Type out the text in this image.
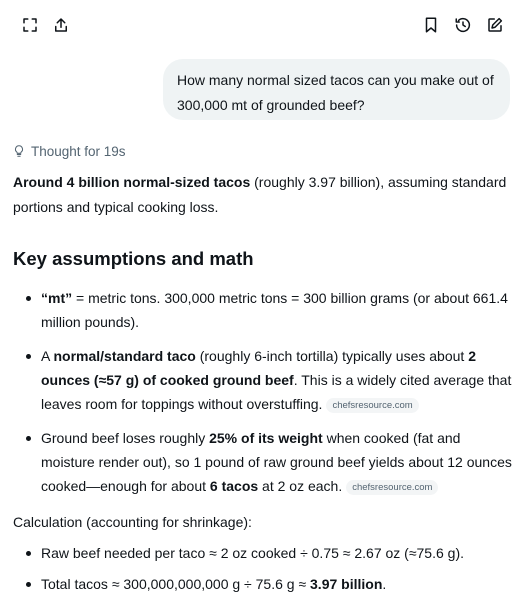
How many normal sized tacos can you make out of 300,000 mt of grounded beef?
Thought for 19s
Around 4 billion normal-sized tacos (roughly 3.97 billion), assuming standard portions and typical cooking loss.
Key assumptions and math
“mt” = metric tons. 300,000 metric tons = 300 billion grams (or about 661.4 million pounds).
A normal/standard taco (roughly 6-inch tortilla) typically uses about 2 ounces (≈57 g) of cooked ground beef. This is a widely cited average that leaves room for toppings without overstuffing. chefsresource.com
Ground beef loses roughly 25% of its weight when cooked (fat and moisture render out), so 1 pound of raw ground beef yields about 12 ounces cooked—enough for about 6 tacos at 2 oz each. chefsresource.com
Calculation (accounting for shrinkage):
Raw beef needed per taco ≈ 2 oz cooked ÷ 0.75 ≈ 2.67 oz (≈75.6 g).
Total tacos ≈ 300,000,000,000 g ÷ 75.6 g ≈ 3.97 billion.
